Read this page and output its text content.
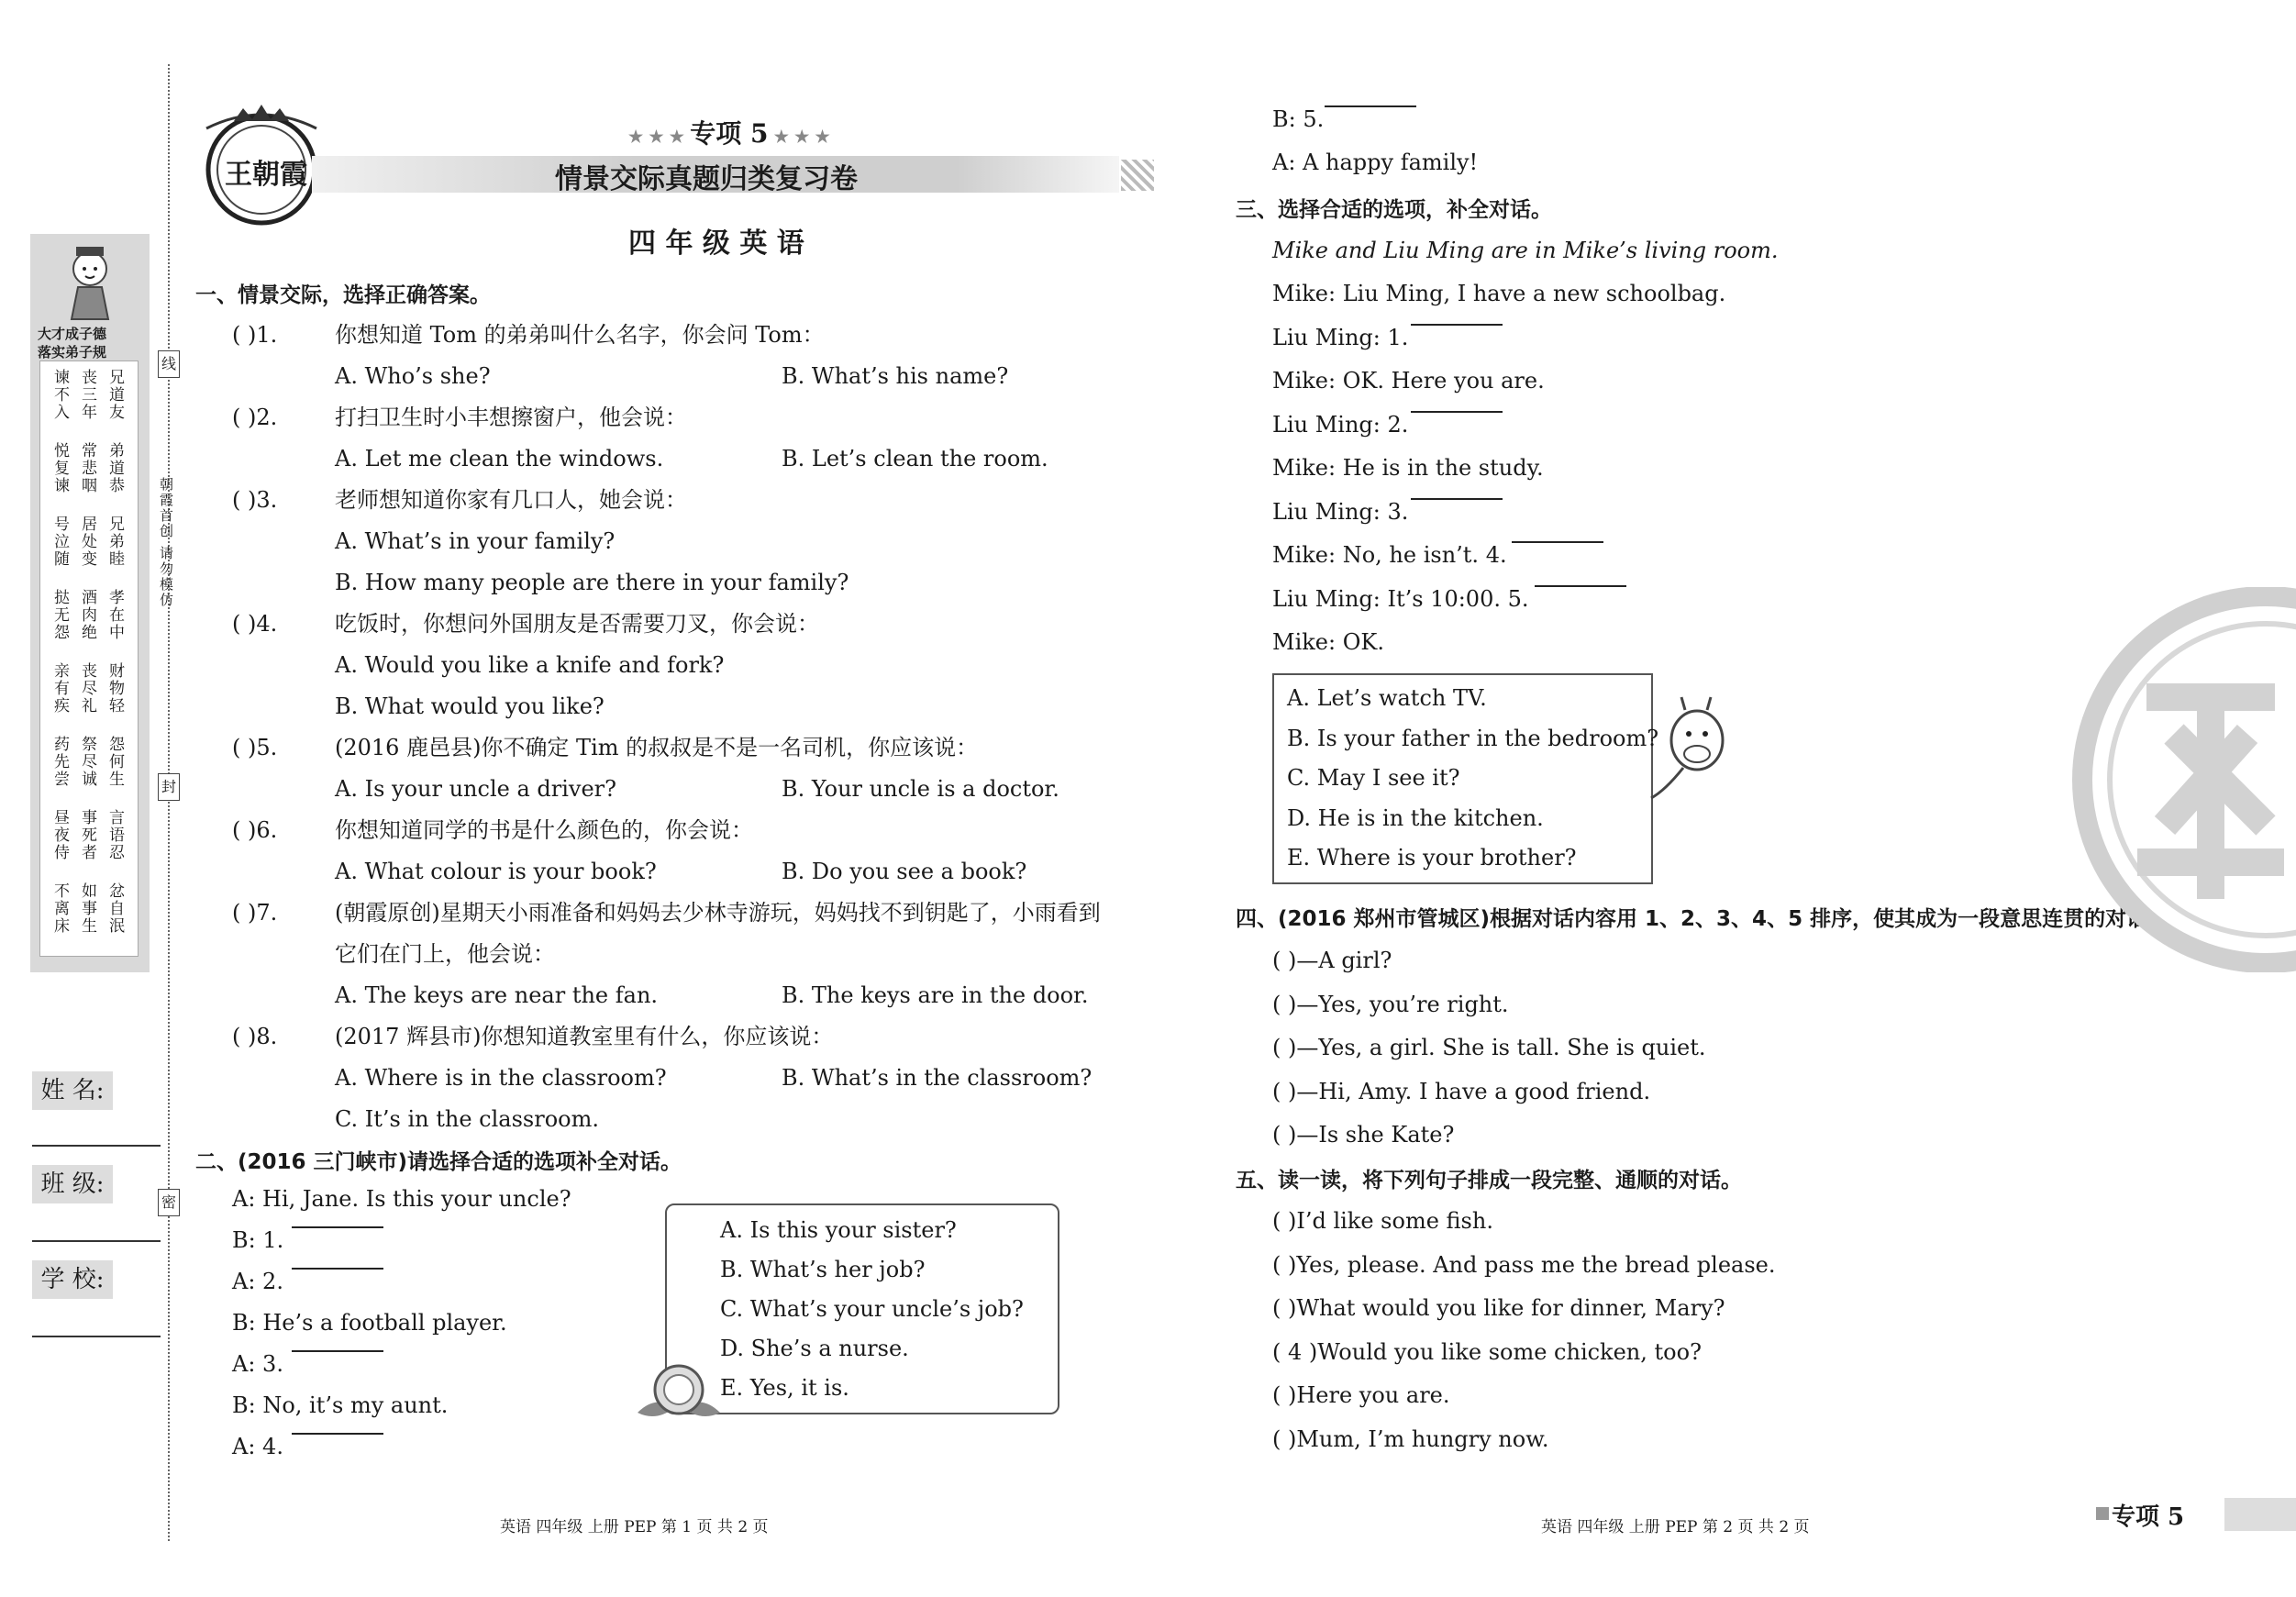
大才成子德
落实弟子规
兄道友
丧三年
谏不入
弟道恭
常悲咽
悦复谏
兄弟睦
居处变
号泣随
孝在中
酒肉绝
挞无怨
财物轻
丧尽礼
亲有疾
怨何生
祭尽诚
药先尝
言语忍
事死者
昼夜侍
忿自泯
如事生
不离床
线
朝霞首创 请勿模仿
封
密
姓 名:
班 级:
学 校:
王朝霞
★ ★ ★ 专项 5 ★ ★ ★
情景交际真题归类复习卷
四 年 级 英 语
一、情景交际，选择正确答案。
( )1.	你想知道 Tom 的弟弟叫什么名字，你会问 Tom：
A. Who’s she?	B. What’s his name?
( )2.	打扫卫生时小丰想擦窗户，他会说：
A. Let me clean the windows.	B. Let’s clean the room.
( )3.	老师想知道你家有几口人，她会说：
A. What’s in your family?
B. How many people are there in your family?
( )4.	吃饭时，你想问外国朋友是否需要刀叉，你会说：
A. Would you like a knife and fork?
B. What would you like?
( )5.	(2016 鹿邑县)你不确定 Tim 的叔叔是不是一名司机，你应该说：
A. Is your uncle a driver?	B. Your uncle is a doctor.
( )6.	你想知道同学的书是什么颜色的，你会说：
A. What colour is your book?	B. Do you see a book?
( )7.	(朝霞原创)星期天小雨准备和妈妈去少林寺游玩，妈妈找不到钥匙了，小雨看到
它们在门上，他会说：
A. The keys are near the fan.	B. The keys are in the door.
( )8.	(2017 辉县市)你想知道教室里有什么，你应该说：
A. Where is in the classroom?	B. What’s in the classroom?
C. It’s in the classroom.
二、(2016 三门峡市)请选择合适的选项补全对话。
A: Hi, Jane. Is this your uncle?
B: 1.
A: 2.
B: He’s a football player.
A: 3.
B: No, it’s my aunt.
A: 4.
A. Is this your sister?
B. What’s her job?
C. What’s your uncle’s job?
D. She’s a nurse.
E. Yes, it is.
B: 5.
A: A happy family!
三、选择合适的选项，补全对话。
Mike and Liu Ming are in Mike’s living room.
Mike: Liu Ming, I have a new schoolbag.
Liu Ming: 1.
Mike: OK. Here you are.
Liu Ming: 2.
Mike: He is in the study.
Liu Ming: 3.
Mike: No, he isn’t. 4.
Liu Ming: It’s 10:00. 5.
Mike: OK.
四、(2016 郑州市管城区)根据对话内容用 1、2、3、4、5 排序，使其成为一段意思连贯的对话。
( )—A girl?
( )—Yes, you’re right.
( )—Yes, a girl. She is tall. She is quiet.
( )—Hi, Amy. I have a good friend.
( )—Is she Kate?
五、读一读，将下列句子排成一段完整、通顺的对话。
( )I’d like some fish.
( )Yes, please. And pass me the bread please.
( )What would you like for dinner, Mary?
( 4 )Would you like some chicken, too?
( )Here you are.
( )Mum, I’m hungry now.
A. Let’s watch TV.
B. Is your father in the bedroom?
C. May I see it?
D. He is in the kitchen.
E. Where is your brother?
英语 四年级 上册 PEP 第 1 页 共 2 页	英语 四年级 上册 PEP 第 2 页 共 2 页	专项 5
